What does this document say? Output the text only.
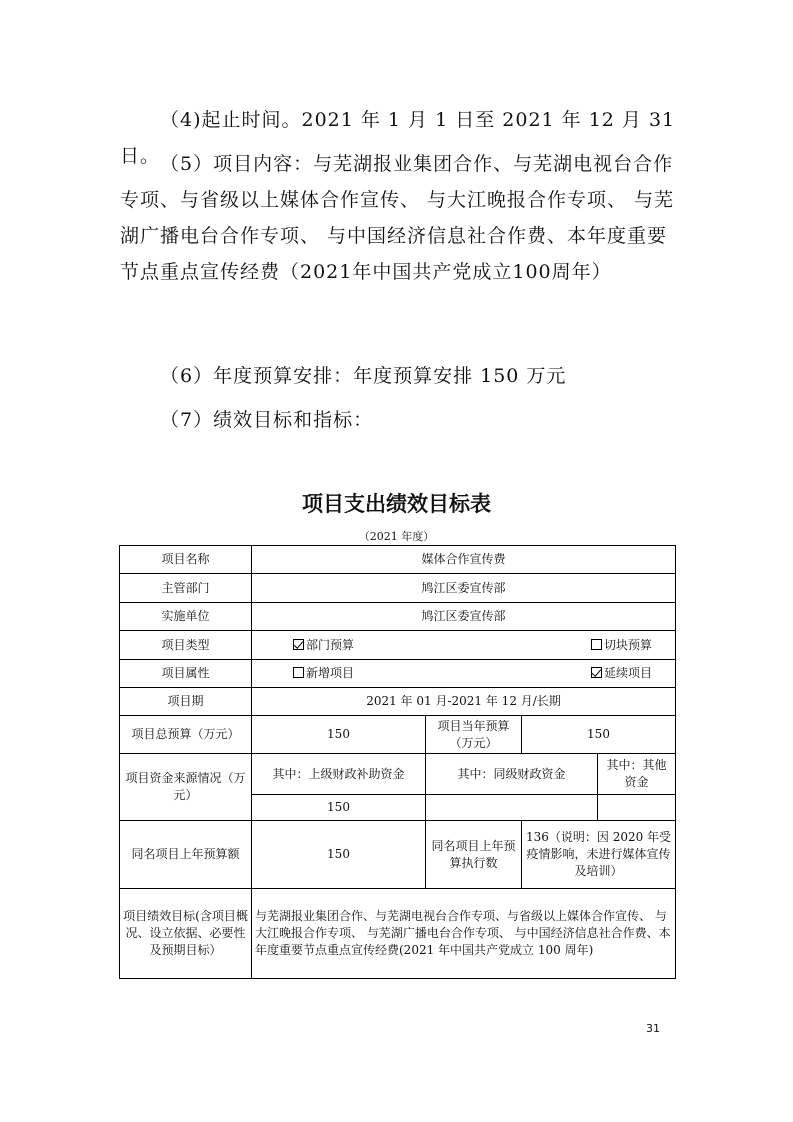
（4)起止时间。2021 年 1 月 1 日至 2021 年 12 月 31 日。 （5）项目内容：与芜湖报业集团合作、与芜湖电视台合作专项、与省级以上媒体合作宣传、 与大江晚报合作专项、 与芜湖广播电台合作专项、 与中国经济信息社合作费、本年度重要节点重点宣传经费（2021年中国共产党成立100周年）

（6）年度预算安排：年度预算安排 150 万元

（7）绩效目标和指标：

项目支出绩效目标表
（2021 年度）
项目名称	媒体合作宣传费			
主管部门	鸠江区委宣传部			
实施单位	鸠江区委宣传部			
项目类型	部门预算 切块预算			

项目属性	新增项目 延续项目			

项目期	2021 年 01 月-2021 年 12 月/长期			
项目总预算（万元）	150	项目当年预算（万元）	150	
项目资金来源情况（万元）	其中：上级财政补助资金	其中：同级财政资金		其中：其他资金
	150			
同名项目上年预算额	150	同名项目上年预算执行数	136（说明：因 2020 年受疫情影响，未进行媒体宣传及培训）	
项目绩效目标(含项目概况、设立依据、必要性及预期目标）	与芜湖报业集团合作、与芜湖电视台合作专项、与省级以上媒体合作宣传、 与大江晚报合作专项、 与芜湖广播电台合作专项、 与中国经济信息社合作费、本年度重要节点重点宣传经费(2021 年中国共产党成立 100 周年)			
31
